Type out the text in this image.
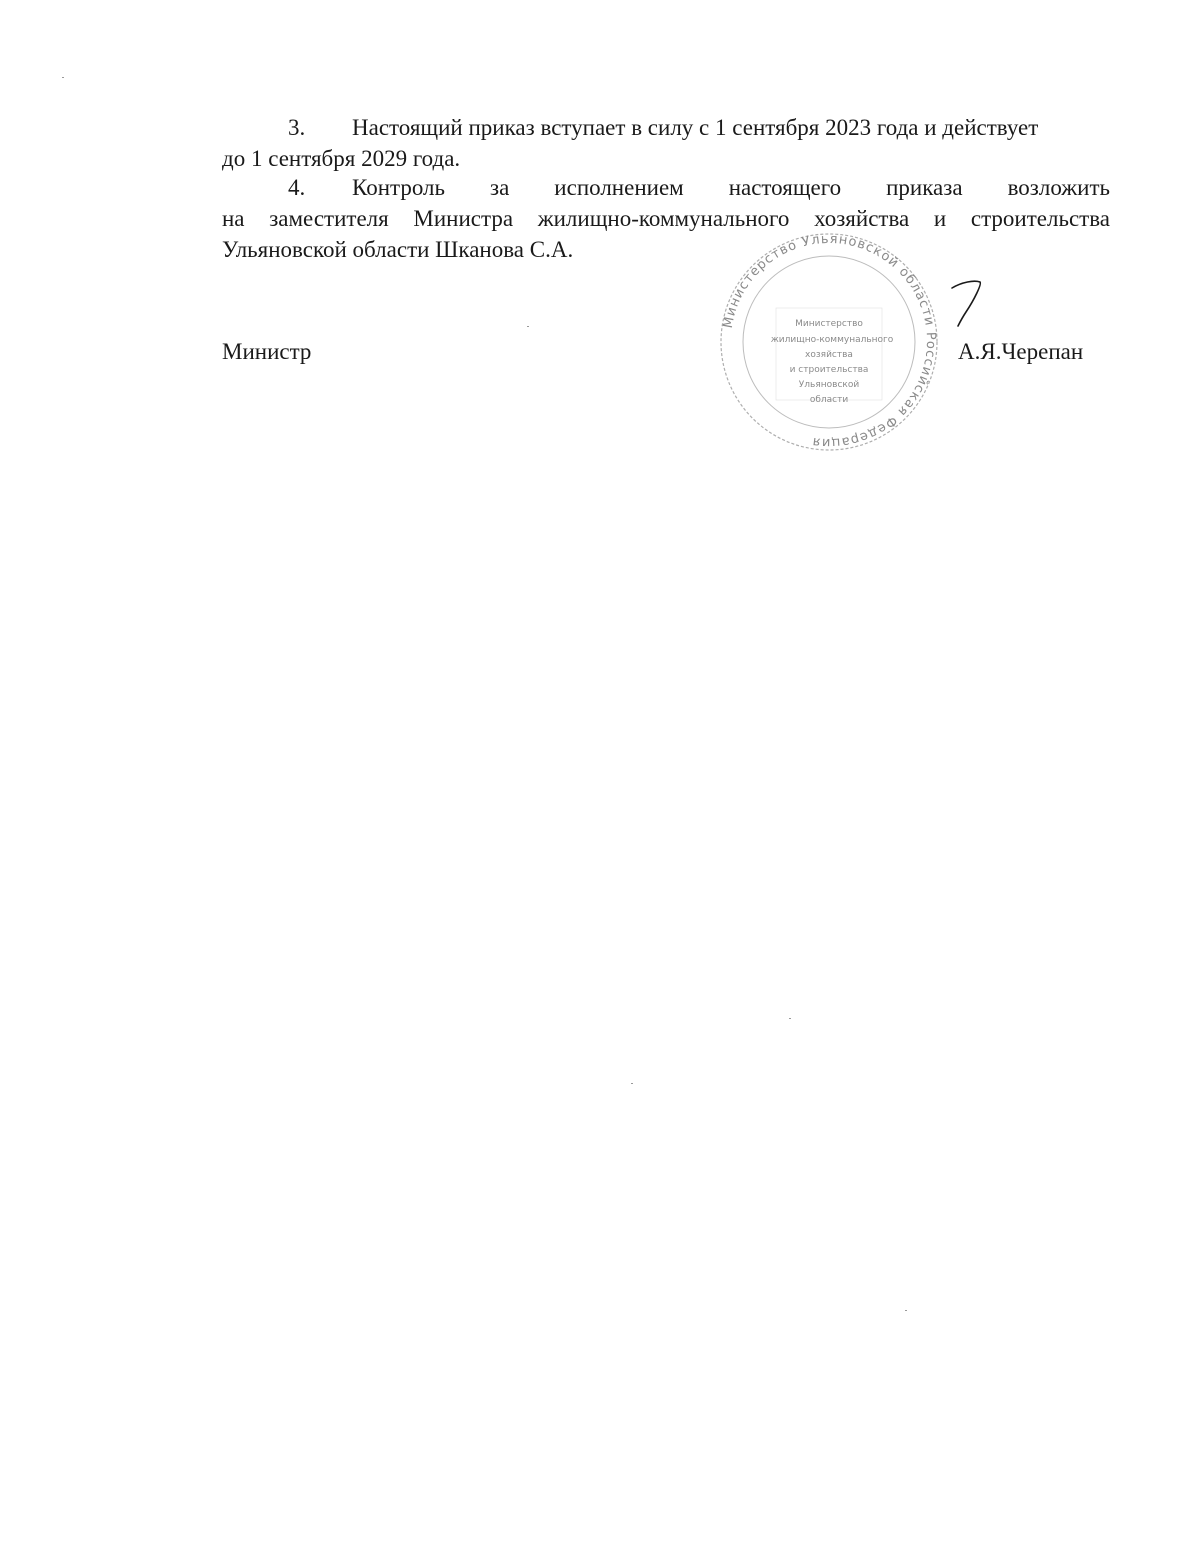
3. Настоящий приказ вступает в силу с 1 сентября 2023 года и действует
до 1 сентября 2029 года.
4. Контроль за исполнением настоящего приказа возложить
на заместителя Министра жилищно-коммунального хозяйства и строительства
Ульяновской области Шканова С.А.
Министр
Министерство Ульяновской области Российская Федерация
Министерство
жилищно-коммунального
хозяйства
и строительства
Ульяновской
области
А.Я.Черепан
